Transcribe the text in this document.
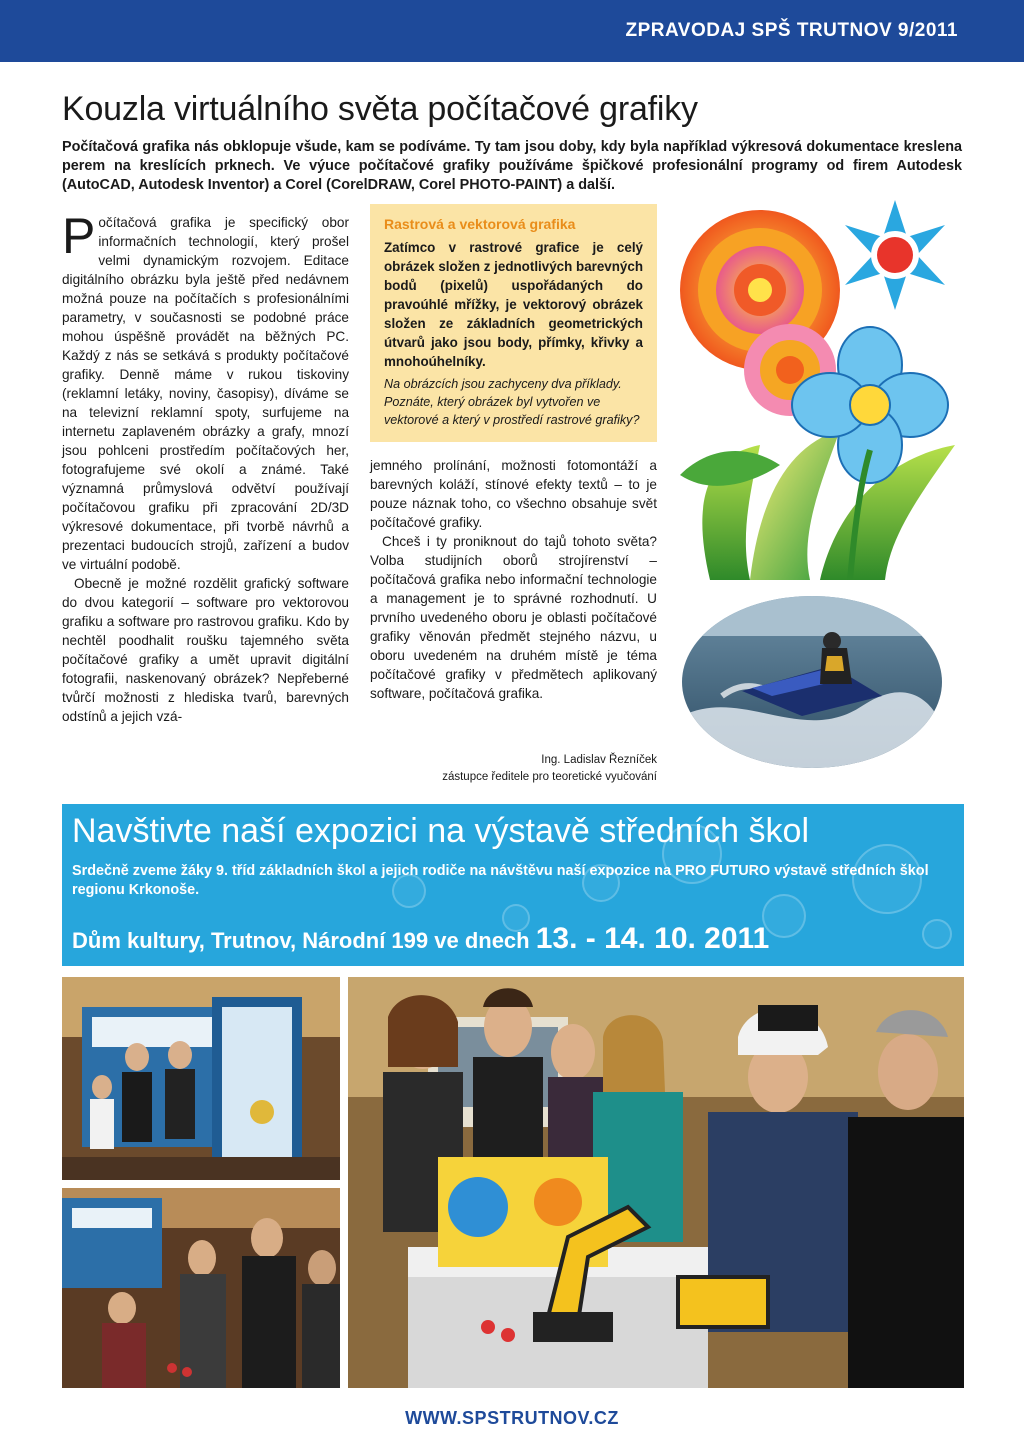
ZPRAVODAJ SPŠ TRUTNOV 9/2011
Kouzla virtuálního světa počítačové grafiky

Počítačová grafika nás obklopuje všude, kam se podíváme. Ty tam jsou doby, kdy byla například výkresová dokumentace kreslena perem na kreslících prknech. Ve výuce počítačové grafiky používáme špičkové profesionální programy od firem Autodesk (AutoCAD, Autodesk Inventor) a Corel (CorelDRAW, Corel PHOTO-PAINT) a další.

Počítačová grafika je specifický obor informačních technologií, který prošel velmi dynamickým rozvojem. Editace digitálního obrázku byla ještě před nedávnem možná pouze na počítačích s profesionálními parametry, v současnosti se podobné práce mohou úspěšně provádět na běžných PC. Každý z nás se setkává s produkty počítačové grafiky. Denně máme v rukou tiskoviny (reklamní letáky, noviny, časopisy), díváme se na televizní reklamní spoty, surfujeme na internetu zaplaveném obrázky a grafy, mnozí jsou pohlceni prostředím počítačových her, fotografujeme své okolí a známé. Také významná průmyslová odvětví používají počítačovou grafiku při zpracování 2D/3D výkresové dokumentace, při tvorbě návrhů a prezentaci budoucích strojů, zařízení a budov ve virtuální podobě.

Obecně je možné rozdělit grafický software do dvou kategorií – software pro vektorovou grafiku a software pro rastrovou grafiku. Kdo by nechtěl poodhalit roušku tajemného světa počítačové grafiky a umět upravit digitální fotografii, naskenovaný obrázek? Nepřeberné tvůrčí možnosti z hlediska tvarů, barevných odstínů a jejich vzá-

Rastrová a vektorová grafika
Zatímco v rastrové grafice je celý obrázek složen z jednotlivých barevných bodů (pixelů) uspořádaných do pravoúhlé mřížky, je vektorový obrázek složen ze základních geometrických útvarů jako jsou body, přímky, křivky a mnohoúhelníky.
Na obrázcích jsou zachyceny dva příklady. Poznáte, který obrázek byl vytvořen ve vektorové a který v prostředí rastrové grafiky?

jemného prolínání, možnosti fotomontáží a barevných koláží, stínové efekty textů – to je pouze náznak toho, co všechno obsahuje svět počítačové grafiky.

Chceš i ty proniknout do tajů tohoto světa? Volba studijních oborů strojírenství – počítačová grafika nebo informační technologie a management je to správné rozhodnutí. U prvního uvedeného oboru je oblasti počítačové grafiky věnován předmět stejného názvu, u oboru uvedeném na druhém místě je téma počítačové grafiky v předmětech aplikovaný software, počítačová grafika.

Ing. Ladislav Řezníček
zástupce ředitele pro teoretické vyučování
Navštivte naší expozici na výstavě středních škol
Srdečně zveme žáky 9. tříd základních škol a jejich rodiče na návštěvu naší expozice na PRO FUTURO výstavě středních škol regionu Krkonoše.
Dům kultury, Trutnov, Národní 199 ve dnech 13. - 14. 10. 2011
WWW.SPSTRUTNOV.CZ
